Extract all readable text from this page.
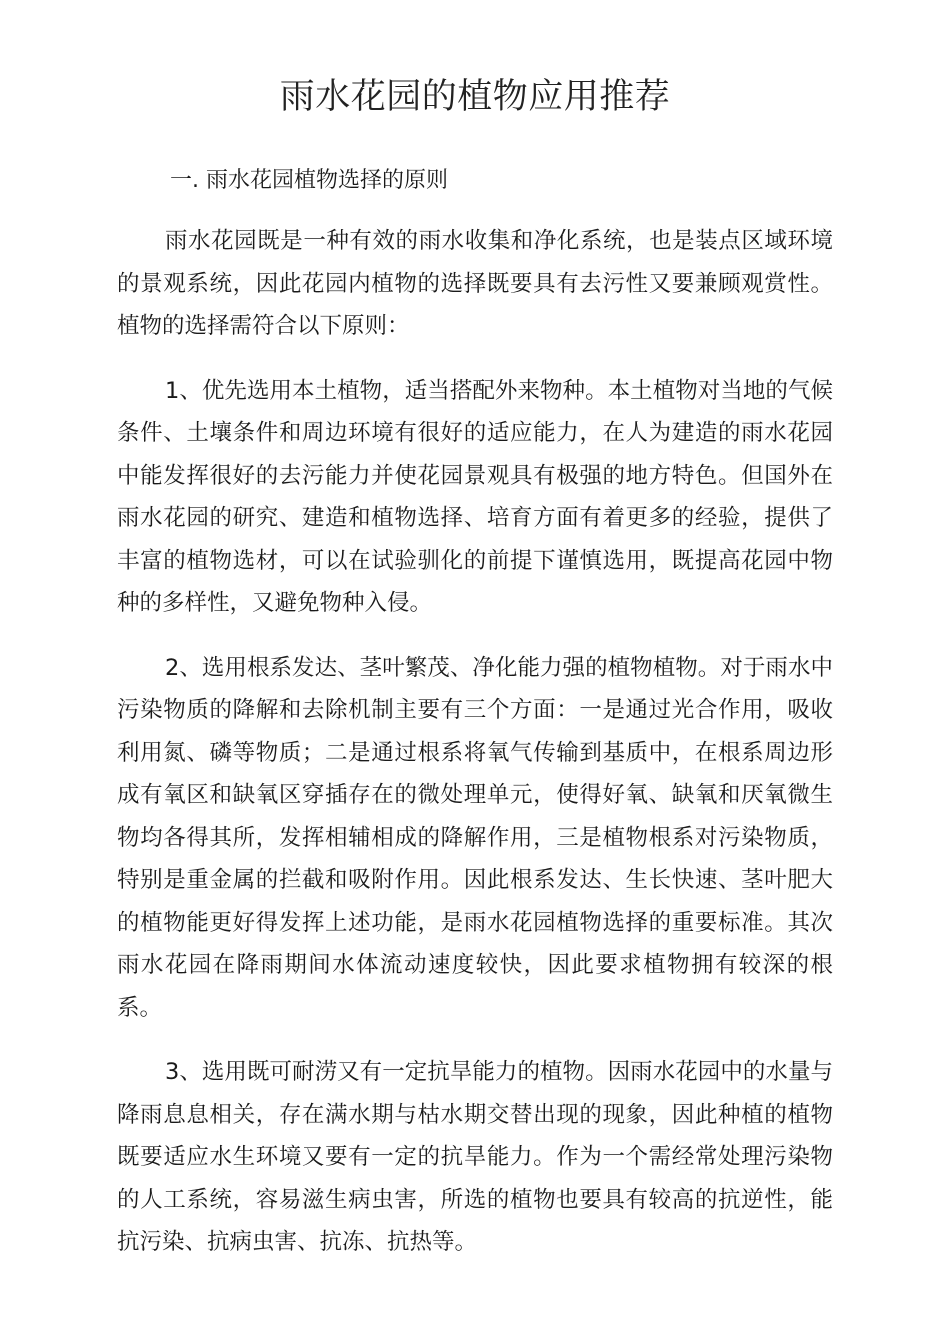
雨水花园的植物应用推荐

一. 雨水花园植物选择的原则

雨水花园既是一种有效的雨水收集和净化系统，也是装点区域环境的景观系统，因此花园内植物的选择既要具有去污性又要兼顾观赏性。植物的选择需符合以下原则：

1、优先选用本土植物，适当搭配外来物种。本土植物对当地的气候条件、土壤条件和周边环境有很好的适应能力，在人为建造的雨水花园中能发挥很好的去污能力并使花园景观具有极强的地方特色。但国外在雨水花园的研究、建造和植物选择、培育方面有着更多的经验，提供了丰富的植物选材，可以在试验驯化的前提下谨慎选用，既提高花园中物种的多样性，又避免物种入侵。

2、选用根系发达、茎叶繁茂、净化能力强的植物植物。对于雨水中污染物质的降解和去除机制主要有三个方面：一是通过光合作用，吸收利用氮、磷等物质；二是通过根系将氧气传输到基质中，在根系周边形成有氧区和缺氧区穿插存在的微处理单元，使得好氧、缺氧和厌氧微生物均各得其所，发挥相辅相成的降解作用，三是植物根系对污染物质，特别是重金属的拦截和吸附作用。因此根系发达、生长快速、茎叶肥大的植物能更好得发挥上述功能，是雨水花园植物选择的重要标准。其次雨水花园在降雨期间水体流动速度较快，因此要求植物拥有较深的根系。

3、选用既可耐涝又有一定抗旱能力的植物。因雨水花园中的水量与降雨息息相关，存在满水期与枯水期交替出现的现象，因此种植的植物既要适应水生环境又要有一定的抗旱能力。作为一个需经常处理污染物的人工系统，容易滋生病虫害，所选的植物也要具有较高的抗逆性，能抗污染、抗病虫害、抗冻、抗热等。
